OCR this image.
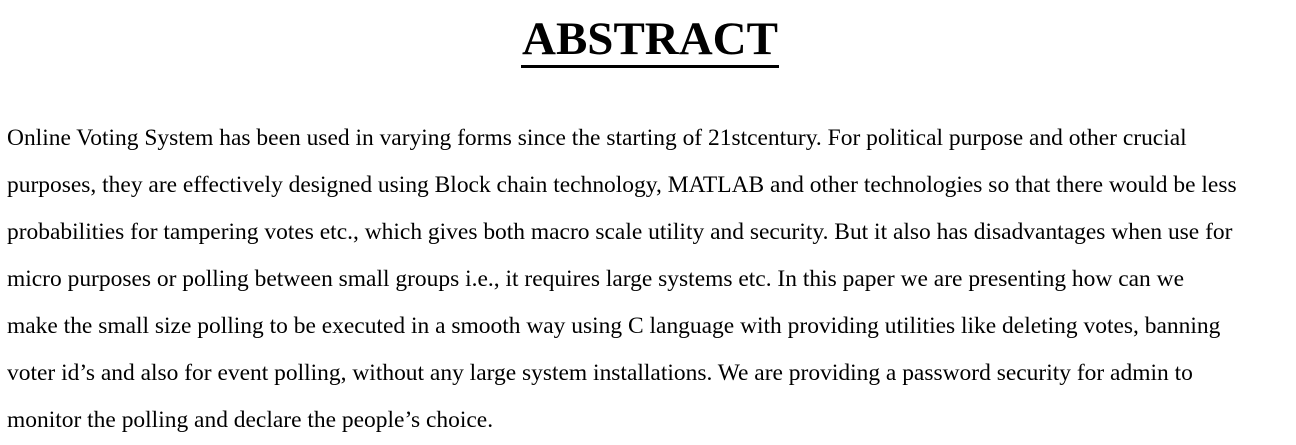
ABSTRACT

Online Voting System has been used in varying forms since the starting of 21stcentury. For political purpose and other crucial
purposes, they are effectively designed using Block chain technology, MATLAB and other technologies so that there would be less
probabilities for tampering votes etc., which gives both macro scale utility and security. But it also has disadvantages when use for
micro purposes or polling between small groups i.e., it requires large systems etc. In this paper we are presenting how can we
make the small size polling to be executed in a smooth way using C language with providing utilities like deleting votes, banning
voter id’s and also for event polling, without any large system installations. We are providing a password security for admin to
monitor the polling and declare the people’s choice.
